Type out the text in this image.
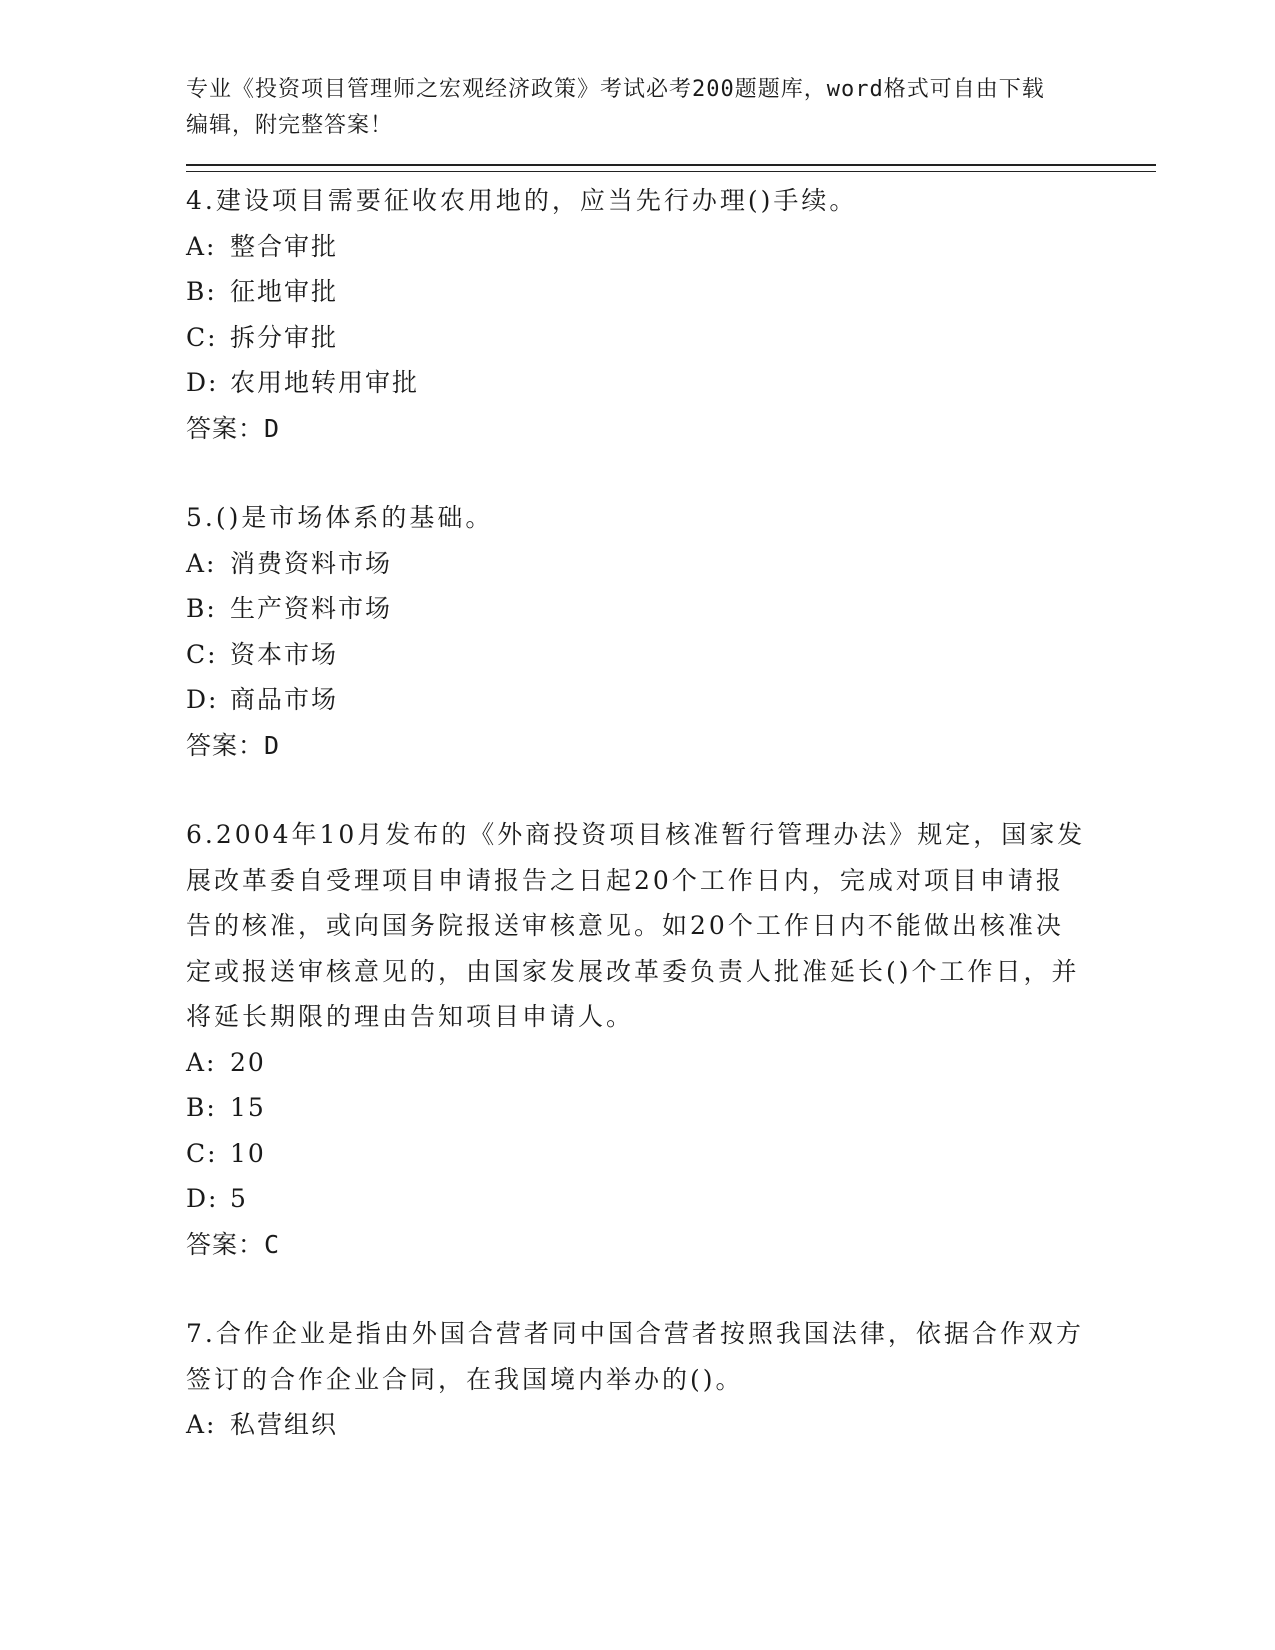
专业《投资项目管理师之宏观经济政策》考试必考200题题库，word格式可自由下载编辑，附完整答案！
4.建设项目需要征收农用地的，应当先行办理()手续。
A: 整合审批
B: 征地审批
C: 拆分审批
D: 农用地转用审批
答案：D
5.()是市场体系的基础。
A: 消费资料市场
B: 生产资料市场
C: 资本市场
D: 商品市场
答案：D
6.2004年10月发布的《外商投资项目核准暂行管理办法》规定，国家发展改革委自受理项目申请报告之日起20个工作日内，完成对项目申请报告的核准，或向国务院报送审核意见。如20个工作日内不能做出核准决定或报送审核意见的，由国家发展改革委负责人批准延长()个工作日，并将延长期限的理由告知项目申请人。
A: 20
B: 15
C: 10
D: 5
答案：C
7.合作企业是指由外国合营者同中国合营者按照我国法律，依据合作双方签订的合作企业合同，在我国境内举办的()。
A: 私营组织
